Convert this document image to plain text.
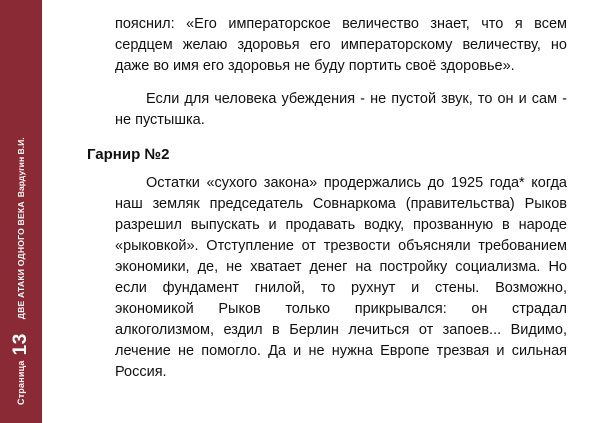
Страница
13
ДВЕ АТАКИ ОДНОГО ВЕКА
Вардугин В.И.

пояснил: «Его императорское величество знает, что я всем сердцем желаю здоровья его императорскому величеству, но даже во имя его здоровья не буду портить своё здоровье».

Если для человека убеждения - не пустой звук, то он и сам - не пустышка.

Гарнир №2

Остатки «сухого закона» продержались до 1925 года* когда наш земляк председатель Совнаркома (правительства) Рыков разрешил выпускать и продавать водку, прозванную в народе «рыковкой». Отступление от трезвости объясняли требованием экономики, де, не хватает денег на постройку социализма. Но если фундамент гнилой, то рухнут и стены. Возможно, экономикой Рыков только прикрывался: он страдал алкоголизмом, ездил в Берлин лечиться от запоев... Видимо, лечение не помогло. Да и не нужна Европе трезвая и сильная Россия.
